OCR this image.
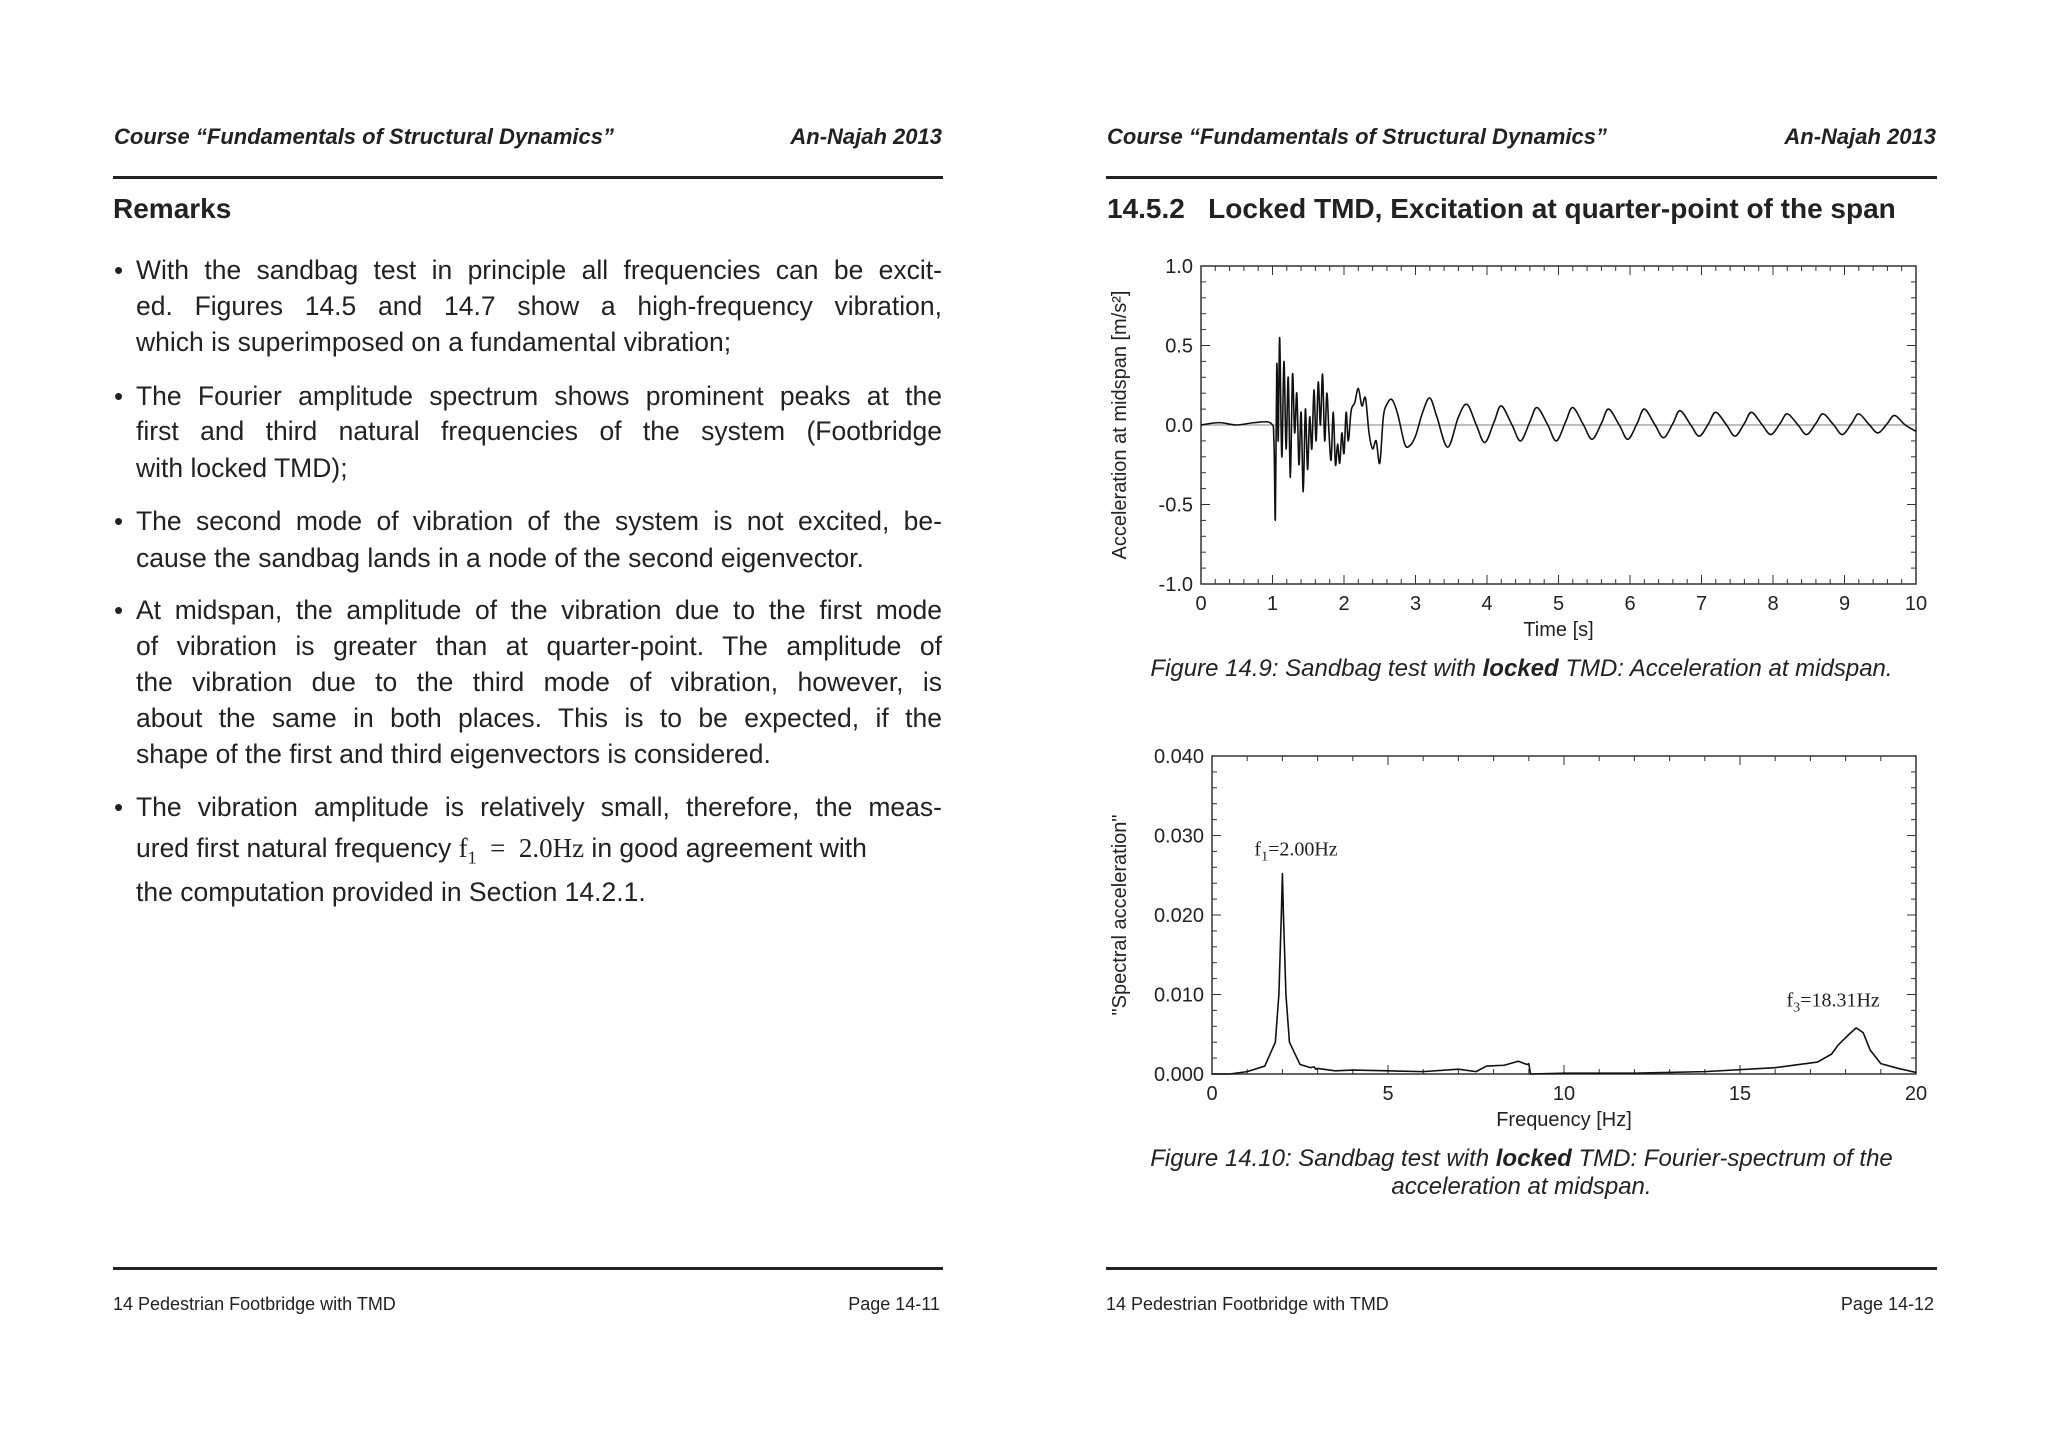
Course “Fundamentals of Structural Dynamics”	An-Najah 2013
Remarks
• With the sandbag test in principle all frequencies can be excit-
ed. Figures 14.5 and 14.7 show a high-frequency vibration,
which is superimposed on a fundamental vibration;
• The Fourier amplitude spectrum shows prominent peaks at the
first and third natural frequencies of the system (Footbridge
with locked TMD);
• The second mode of vibration of the system is not excited, be-
cause the sandbag lands in a node of the second eigenvector.
• At midspan, the amplitude of the vibration due to the first mode
of vibration is greater than at quarter-point. The amplitude of
the vibration due to the third mode of vibration, however, is
about the same in both places. This is to be expected, if the
shape of the first and third eigenvectors is considered.
• The vibration amplitude is relatively small, therefore, the meas-
ured first natural frequency $f_1 = 2.0Hz$ in good agreement with
the computation provided in Section 14.2.1.
14 Pedestrian Footbridge with TMD	Page 14-11
Course “Fundamentals of Structural Dynamics”	An-Najah 2013
14.5.2   Locked TMD, Excitation at quarter-point of the span
Figure 14.9: Sandbag test with locked TMD: Acceleration at midspan.
Figure 14.10: Sandbag test with locked TMD: Fourier-spectrum of the
acceleration at midspan.
14 Pedestrian Footbridge with TMD	Page 14-12
0	1	2	3	4	5	6	7	8	9	10
1.0
0.5
0.0
-0.5
-1.0
Time [s]
Acceleration at midspan [m/s²]
0	5	10	15	20
0.040
0.030
0.020
0.010
0.000
Frequency [Hz]
"Spectral acceleration"	$f_1=2.00Hz$
$f_3=18.31Hz$
